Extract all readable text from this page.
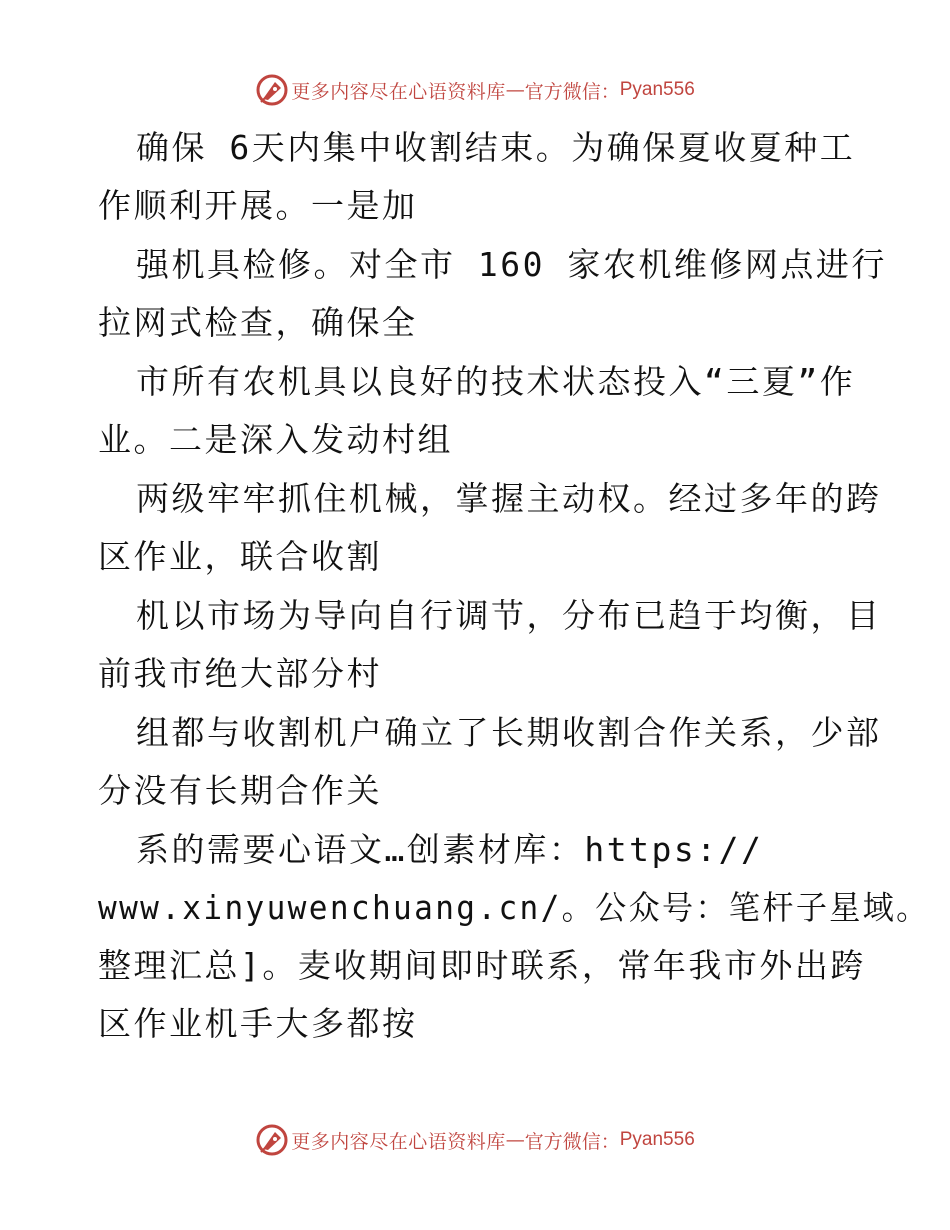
更多内容尽在心语资料库 — 官方微信： Pyan556
确保 6天内集中收割结束。为确保夏收夏种工
作顺利开展。一是加
强机具检修。对全市 160 家农机维修网点进行
拉网式检查，确保全
市所有农机具以良好的技术状态投入“三夏”作
业。二是深入发动村组
两级牢牢抓住机械，掌握主动权。经过多年的跨
区作业，联合收割
机以市场为导向自行调节，分布已趋于均衡，目
前我市绝大部分村
组都与收割机户确立了长期收割合作关系，少部
分没有长期合作关
系的需要心语文…创素材库：https://
www.xinyuwenchuang.cn/。公众号：笔杆子星域。
整理汇总]。麦收期间即时联系，常年我市外出跨
区作业机手大多都按
更多内容尽在心语资料库 — 官方微信： Pyan556
